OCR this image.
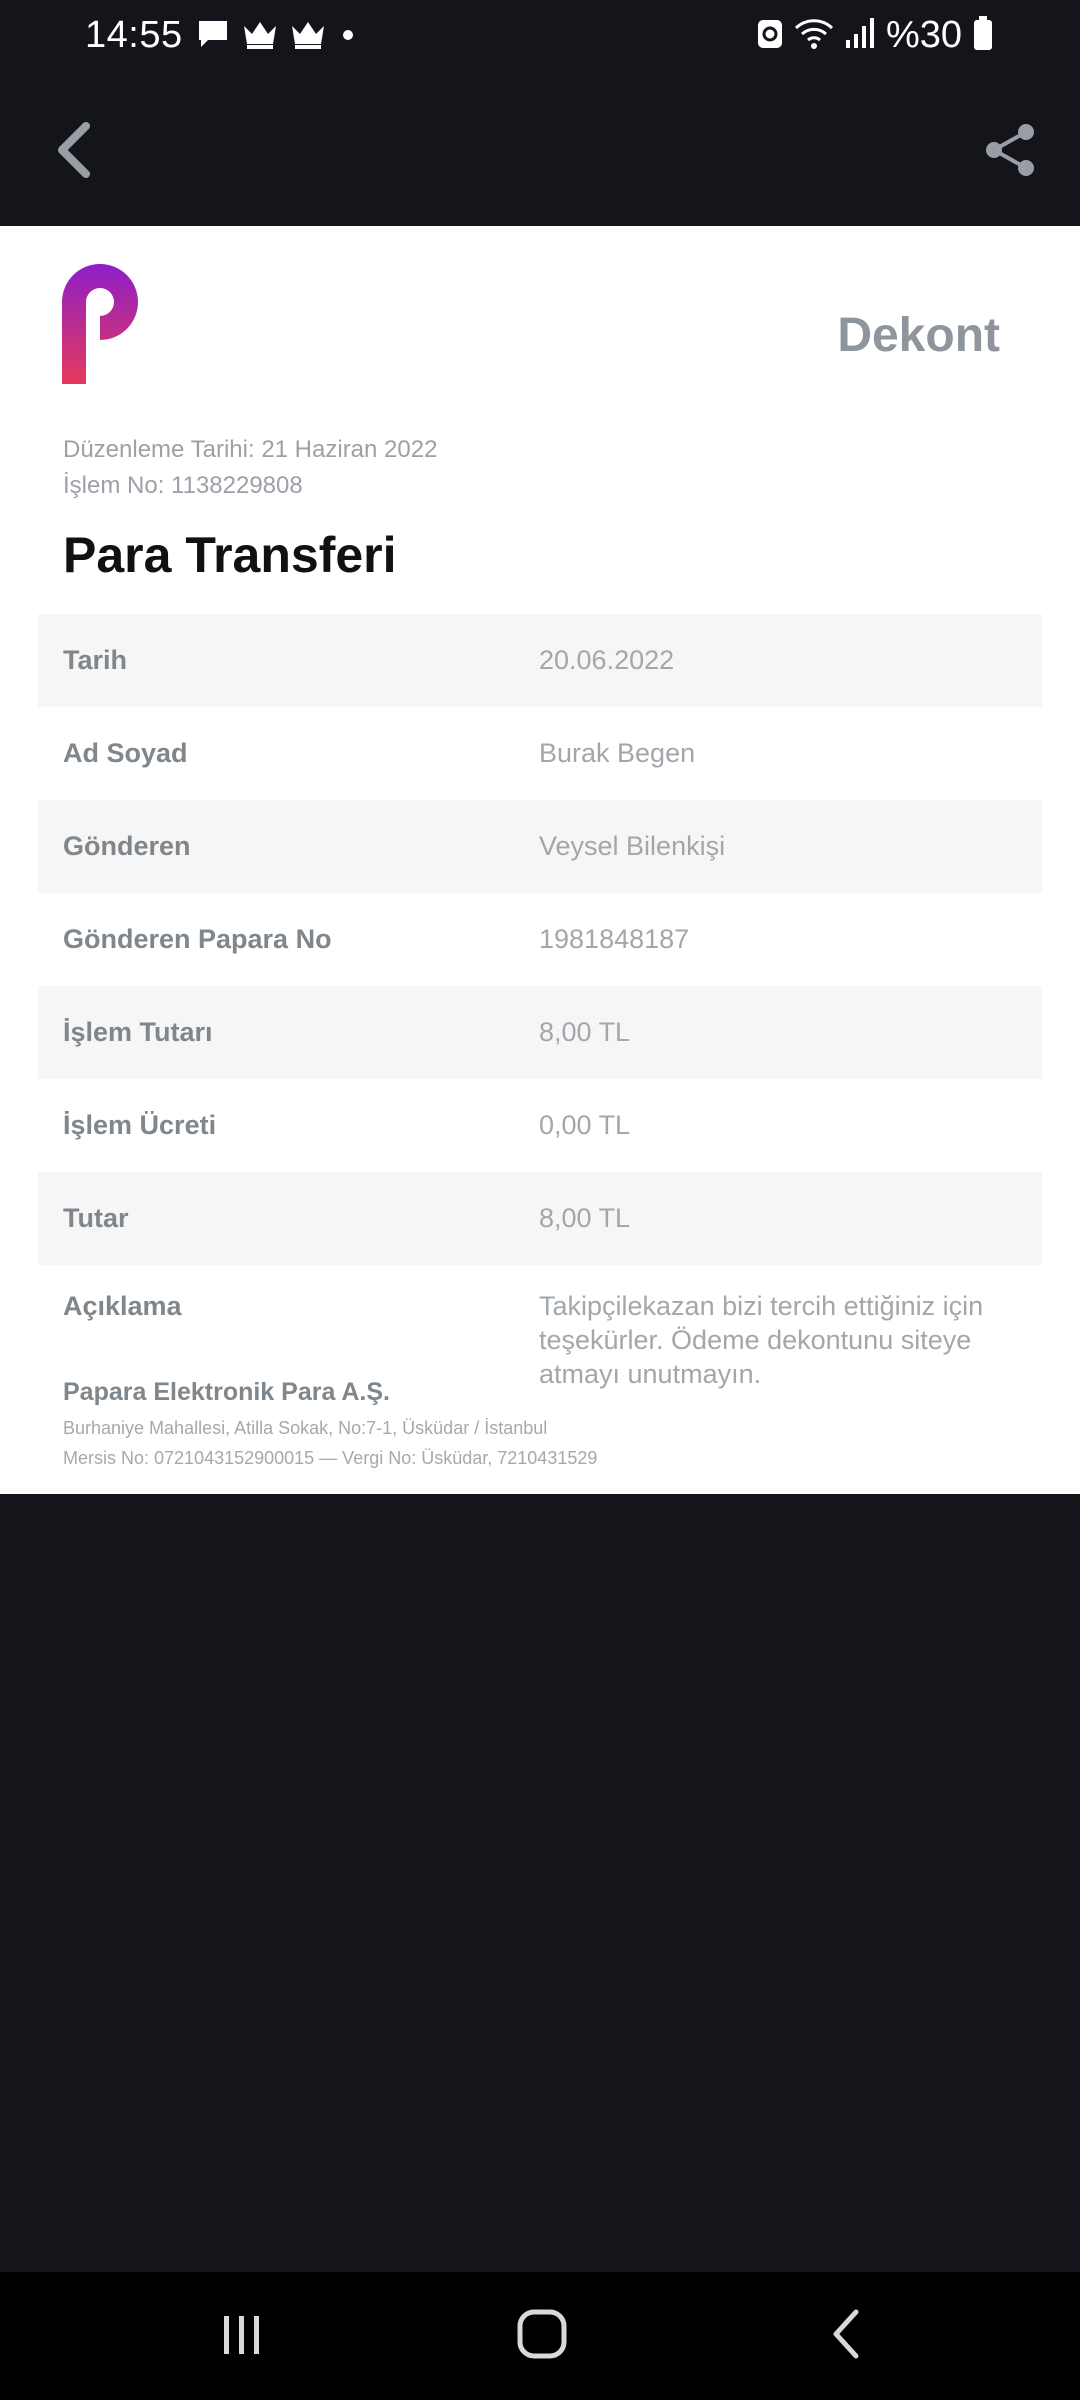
14:55	%30
Dekont
Düzenleme Tarihi: 21 Haziran 2022
İşlem No: 1138229808
Para Transferi
Tarih	20.06.2022
Ad Soyad	Burak Begen
Gönderen	Veysel Bilenkişi
Gönderen Papara No	1981848187
İşlem Tutarı	8,00 TL
İşlem Ücreti	0,00 TL
Tutar	8,00 TL
Açıklama	Takipçilekazan bizi tercih ettiğiniz için teşekürler. Ödeme dekontunu siteye atmayı unutmayın.
Papara Elektronik Para A.Ş.
Burhaniye Mahallesi, Atilla Sokak, No:7-1, Üsküdar / İstanbul
Mersis No: 0721043152900015 — Vergi No: Üsküdar, 7210431529
